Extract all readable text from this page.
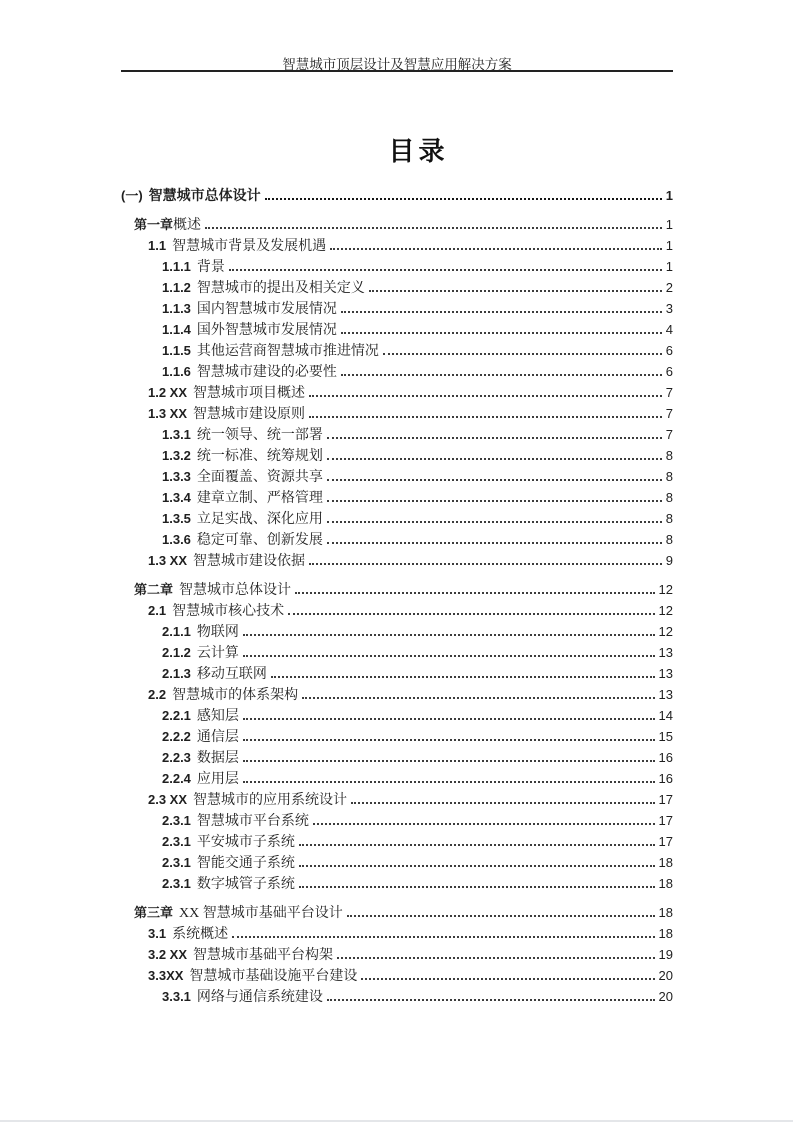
智慧城市顶层设计及智慧应用解决方案
目录
(一) 智慧城市总体设计	1
第一章 概述	1
1.1 智慧城市背景及发展机遇	1
1.1.1 背景	1
1.1.2 智慧城市的提出及相关定义	2
1.1.3 国内智慧城市发展情况	3
1.1.4 国外智慧城市发展情况	4
1.1.5 其他运营商智慧城市推进情况	6
1.1.6 智慧城市建设的必要性	6
1.2 XX 智慧城市项目概述	7
1.3 XX 智慧城市建设原则	7
1.3.1 统一领导、统一部署	7
1.3.2 统一标准、统筹规划	8
1.3.3 全面覆盖、资源共享	8
1.3.4 建章立制、严格管理	8
1.3.5 立足实战、深化应用	8
1.3.6 稳定可靠、创新发展	8
1.3 XX 智慧城市建设依据	9
第二章 智慧城市总体设计	12
2.1 智慧城市核心技术	12
2.1.1 物联网	12
2.1.2 云计算	13
2.1.3 移动互联网	13
2.2 智慧城市的体系架构	13
2.2.1 感知层	14
2.2.2 通信层	15
2.2.3 数据层	16
2.2.4 应用层	16
2.3 XX 智慧城市的应用系统设计	17
2.3.1 智慧城市平台系统	17
2.3.1 平安城市子系统	17
2.3.1 智能交通子系统	18
2.3.1 数字城管子系统	18
第三章 XX 智慧城市基础平台设计	18
3.1 系统概述	18
3.2 XX 智慧城市基础平台构架	19
3.3XX 智慧城市基础设施平台建设	20
3.3.1 网络与通信系统建设	20
